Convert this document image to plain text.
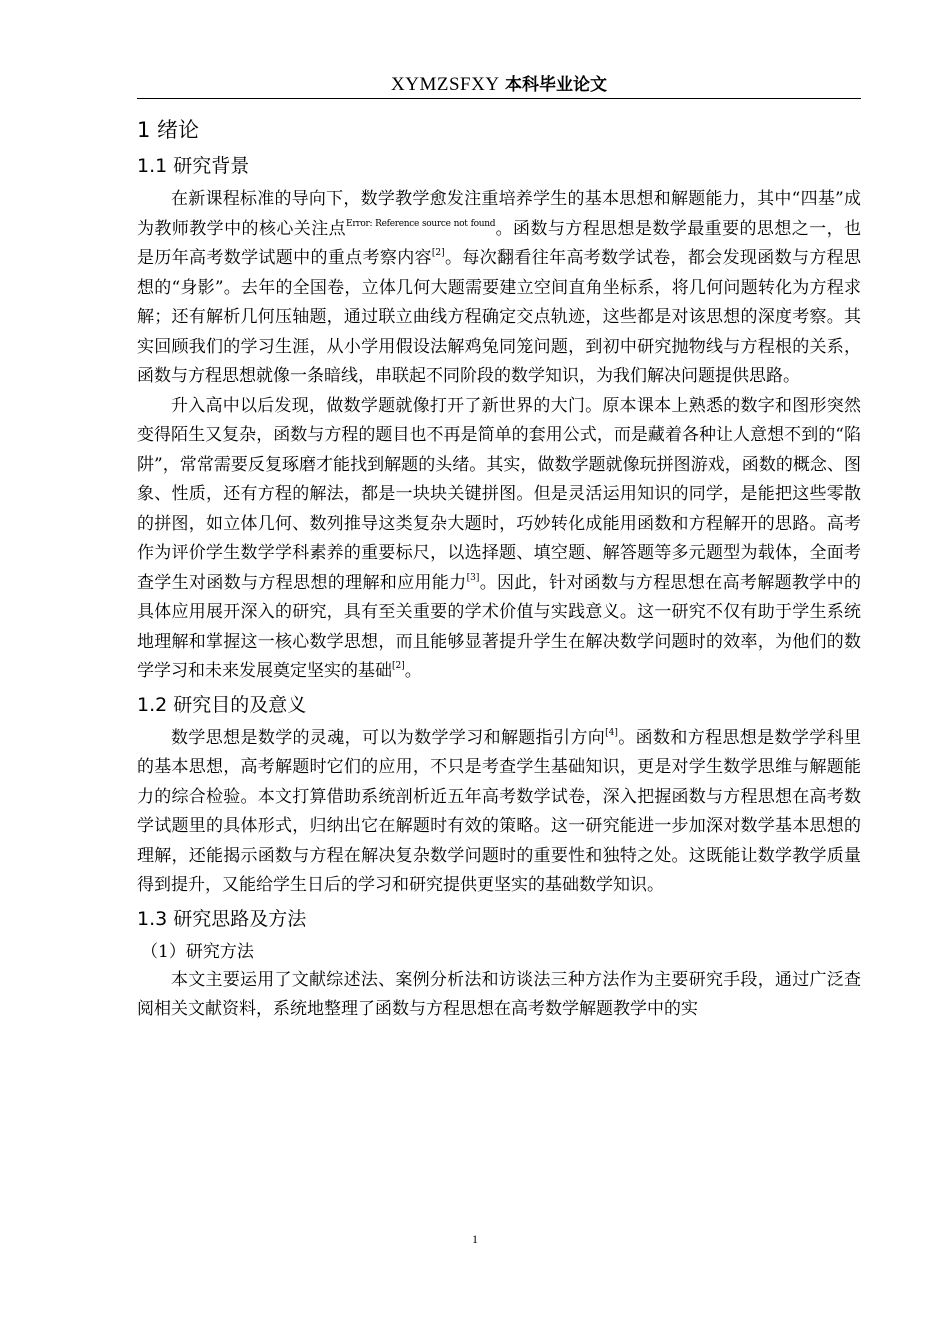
XYMZSFXY 本科毕业论文
1 绪论
1.1 研究背景

在新课程标准的导向下，数学教学愈发注重培养学生的基本思想和解题能力，其中“四基”成为教师教学中的核心关注点$^{Error: Reference source not found}$。函数与方程思想是数学最重要的思想之一，也是历年高考数学试题中的重点考察内容[2]。每次翻看往年高考数学试卷，都会发现函数与方程思想的“身影”。去年的全国卷，立体几何大题需要建立空间直角坐标系，将几何问题转化为方程求解；还有解析几何压轴题，通过联立曲线方程确定交点轨迹，这些都是对该思想的深度考察。其实回顾我们的学习生涯，从小学用假设法解鸡兔同笼问题，到初中研究抛物线与方程根的关系，函数与方程思想就像一条暗线，串联起不同阶段的数学知识，为我们解决问题提供思路。

升入高中以后发现，做数学题就像打开了新世界的大门。原本课本上熟悉的数字和图形突然变得陌生又复杂，函数与方程的题目也不再是简单的套用公式，而是藏着各种让人意想不到的“陷阱”，常常需要反复琢磨才能找到解题的头绪。其实，做数学题就像玩拼图游戏，函数的概念、图象、性质，还有方程的解法，都是一块块关键拼图。但是灵活运用知识的同学，是能把这些零散的拼图，如立体几何、数列推导这类复杂大题时，巧妙转化成能用函数和方程解开的思路。高考作为评价学生数学学科素养的重要标尺，以选择题、填空题、解答题等多元题型为载体，全面考查学生对函数与方程思想的理解和应用能力[3]。因此，针对函数与方程思想在高考解题教学中的具体应用展开深入的研究，具有至关重要的学术价值与实践意义。这一研究不仅有助于学生系统地理解和掌握这一核心数学思想，而且能够显著提升学生在解决数学问题时的效率，为他们的数学学习和未来发展奠定坚实的基础[2]。

1.2 研究目的及意义

数学思想是数学的灵魂，可以为数学学习和解题指引方向[4]。函数和方程思想是数学学科里的基本思想，高考解题时它们的应用，不只是考查学生基础知识，更是对学生数学思维与解题能力的综合检验。本文打算借助系统剖析近五年高考数学试卷，深入把握函数与方程思想在高考数学试题里的具体形式，归纳出它在解题时有效的策略。这一研究能进一步加深对数学基本思想的理解，还能揭示函数与方程在解决复杂数学问题时的重要性和独特之处。这既能让数学教学质量得到提升，又能给学生日后的学习和研究提供更坚实的基础数学知识。

1.3 研究思路及方法

（1）研究方法

本文主要运用了文献综述法、案例分析法和访谈法三种方法作为主要研究手段，通过广泛查阅相关文献资料，系统地整理了函数与方程思想在高考数学解题教学中的实

1
